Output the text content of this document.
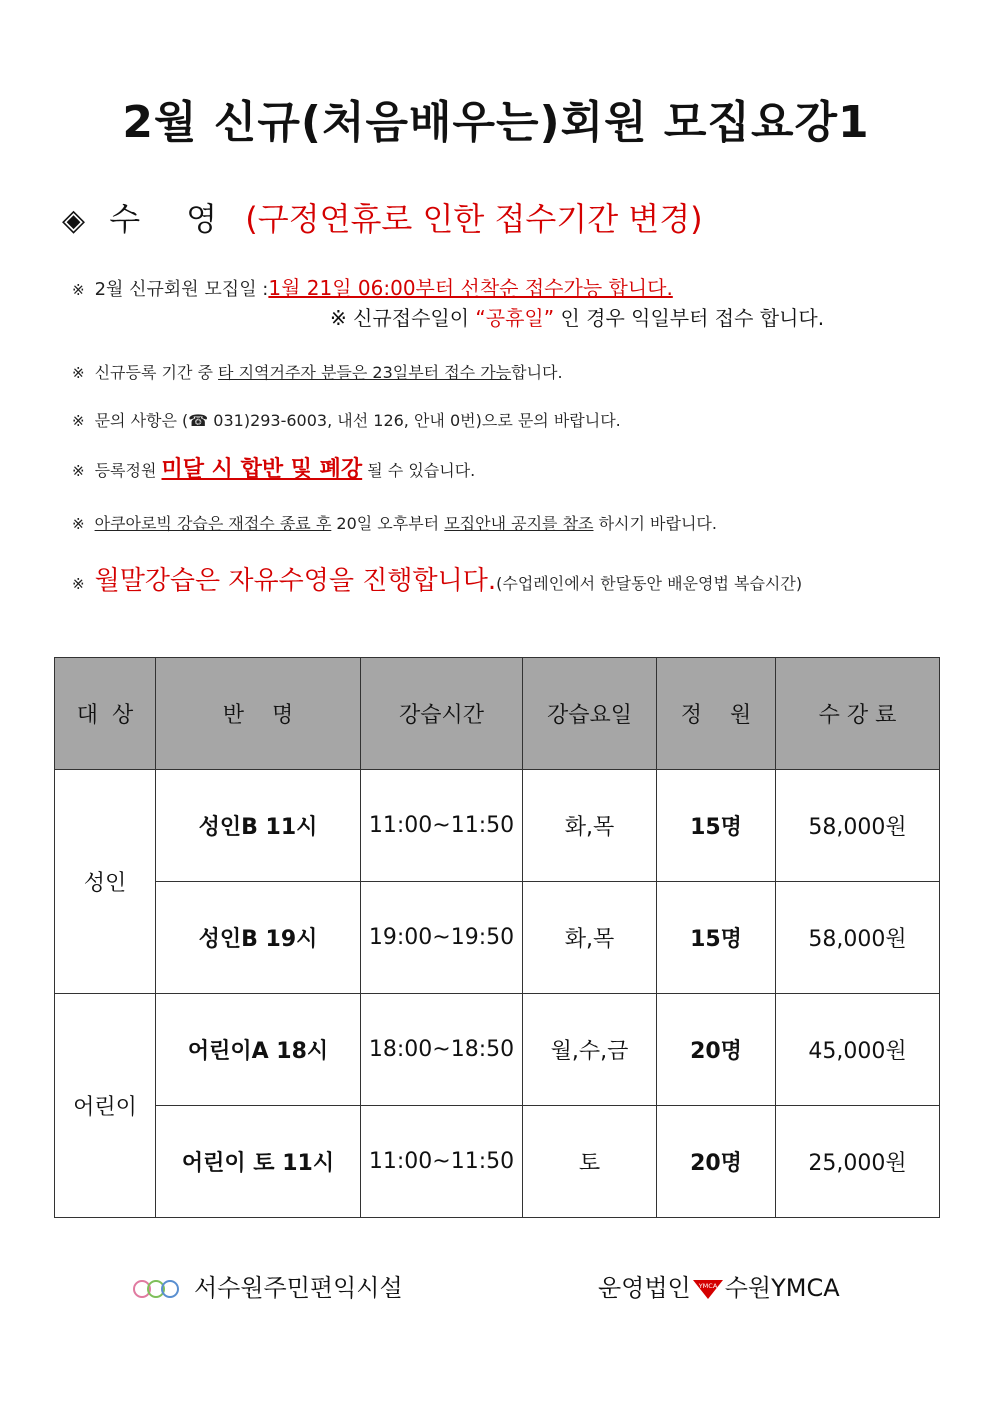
2월 신규(처음배우는)회원 모집요강1
◈ 수 영 (구정연휴로 인한 접수기간 변경)
※ 2월 신규회원 모집일 :1월 21일 06:00부터 선착순 접수가능 합니다.
※ 신규접수일이 “공휴일” 인 경우 익일부터 접수 합니다.
※ 신규등록 기간 중 타 지역거주자 분들은 23일부터 접수 가능합니다.
※ 문의 사항은 (☎ 031)293-6003, 내선 126, 안내 0번)으로 문의 바랍니다.
※ 등록정원 미달 시 합반 및 폐강 될 수 있습니다.
※ 아쿠아로빅 강습은 재접수 종료 후 20일 오후부터 모집안내 공지를 참조 하시기 바랍니다.
※ 월말강습은 자유수영을 진행합니다.(수업레인에서 한달동안 배운영법 복습시간)
대  상	반    명	강습시간	강습요일	정    원	수 강 료
성인	성인B 11시	11:00~11:50	화,목	15명	58,000원
	성인B 19시	19:00~19:50	화,목	15명	58,000원
어린이	어린이A 18시	18:00~18:50	월,수,금	20명	45,000원
	어린이 토 11시	11:00~11:50	토	20명	25,000원
서수원주민편익시설	운영법인 YMCA 수원YMCA
